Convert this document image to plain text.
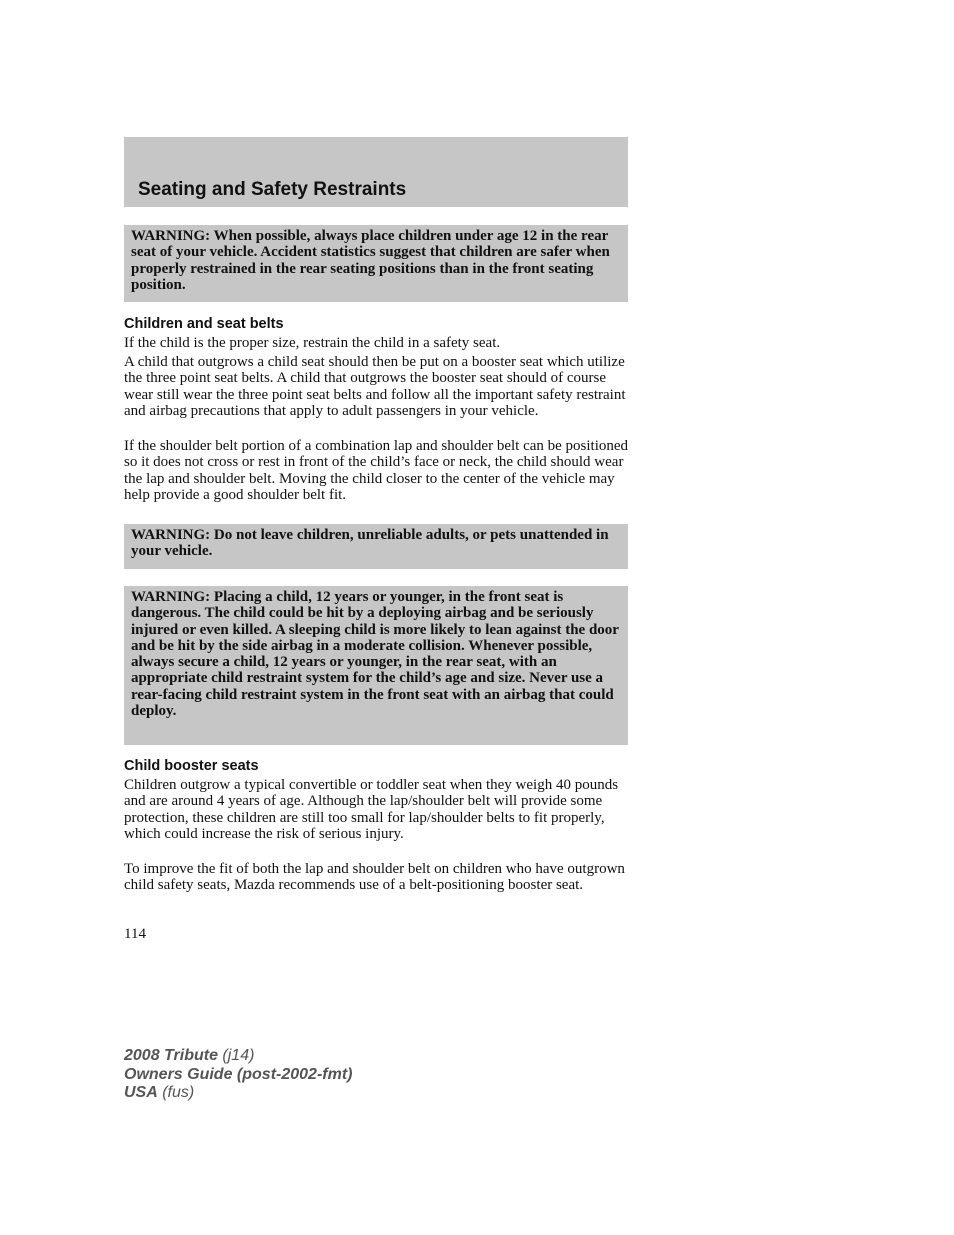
Seating and Safety Restraints
WARNING: When possible, always place children under age 12 in the rear seat of your vehicle. Accident statistics suggest that children are safer when properly restrained in the rear seating positions than in the front seating position.
Children and seat belts

If the child is the proper size, restrain the child in a safety seat.

A child that outgrows a child seat should then be put on a booster seat which utilize the three point seat belts. A child that outgrows the booster seat should of course wear still wear the three point seat belts and follow all the important safety restraint and airbag precautions that apply to adult passengers in your vehicle.

If the shoulder belt portion of a combination lap and shoulder belt can be positioned so it does not cross or rest in front of the child’s face or neck, the child should wear the lap and shoulder belt. Moving the child closer to the center of the vehicle may help provide a good shoulder belt fit.

WARNING: Do not leave children, unreliable adults, or pets unattended in your vehicle.
WARNING: Placing a child, 12 years or younger, in the front seat is dangerous. The child could be hit by a deploying airbag and be seriously injured or even killed. A sleeping child is more likely to lean against the door and be hit by the side airbag in a moderate collision. Whenever possible, always secure a child, 12 years or younger, in the rear seat, with an appropriate child restraint system for the child’s age and size. Never use a rear-facing child restraint system in the front seat with an airbag that could deploy.
Child booster seats

Children outgrow a typical convertible or toddler seat when they weigh 40 pounds and are around 4 years of age. Although the lap/shoulder belt will provide some protection, these children are still too small for lap/shoulder belts to fit properly, which could increase the risk of serious injury.

To improve the fit of both the lap and shoulder belt on children who have outgrown child safety seats, Mazda recommends use of a belt-positioning booster seat.

114

2008 Tribute (j14)
Owners Guide (post-2002-fmt)
USA (fus)
